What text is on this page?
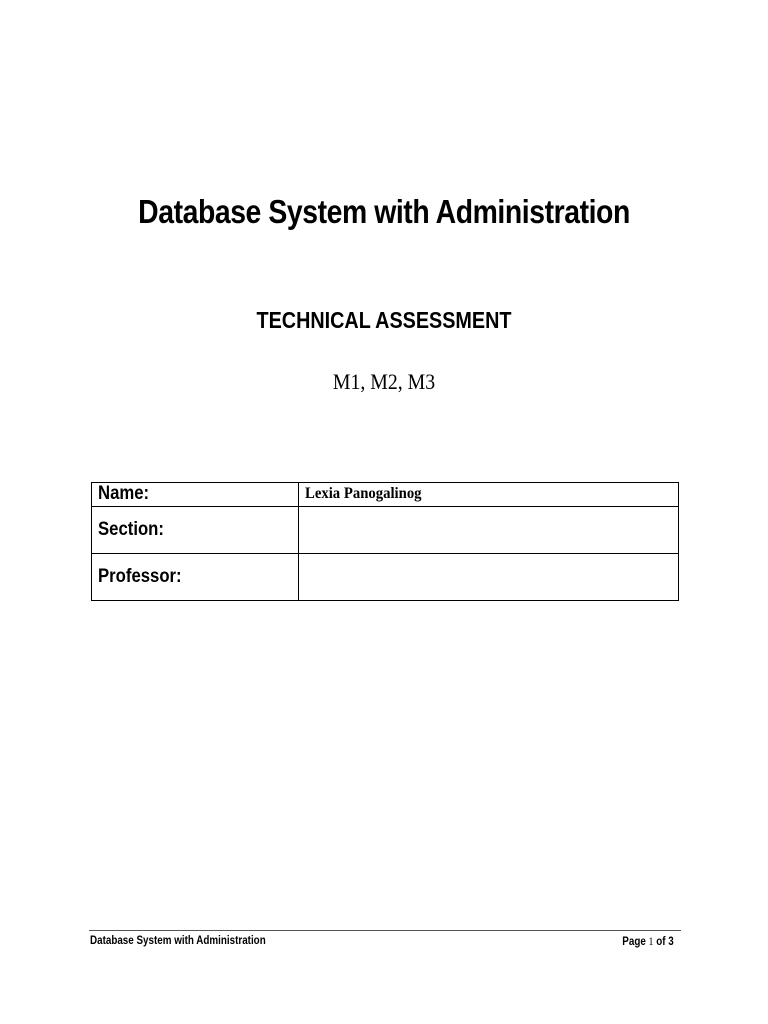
Database System with Administration
TECHNICAL ASSESSMENT
M1, M2, M3
Name:	Lexia Panogalinog
Section:	
Professor:	
Database System with Administration	Page 1 of 3
